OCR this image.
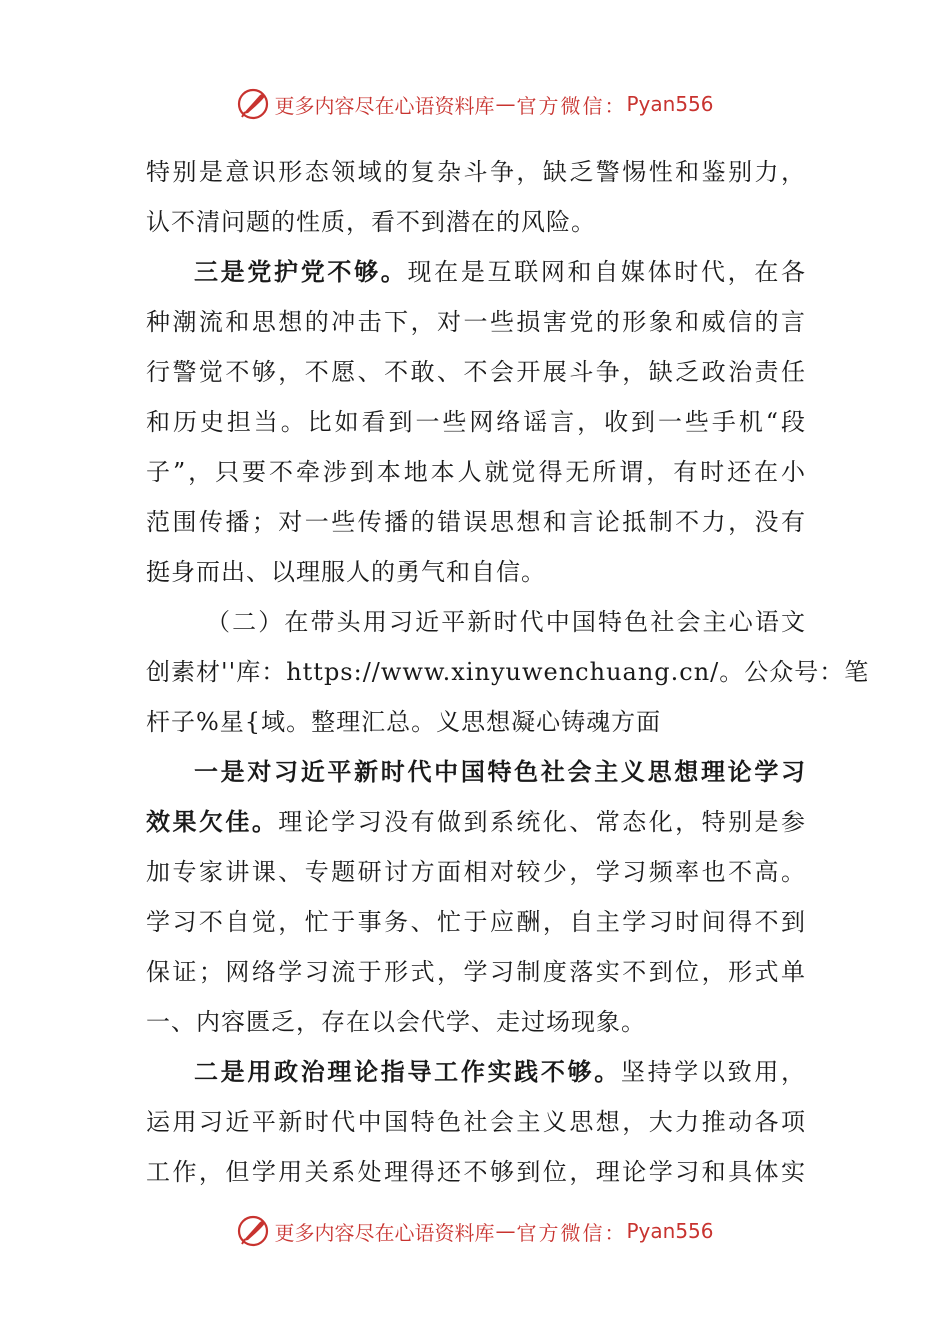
更多内容尽在心语资料库 — 官方微信： Pyan556
特别是意识形态领域的复杂斗争，缺乏警惕性和鉴别力，
认不清问题的性质，看不到潜在的风险。
三是党护党不够。现在是互联网和自媒体时代，在各
种潮流和思想的冲击下，对一些损害党的形象和威信的言
行警觉不够，不愿、不敢、不会开展斗争，缺乏政治责任
和历史担当。比如看到一些网络谣言，收到一些手机“段
子”，只要不牵涉到本地本人就觉得无所谓，有时还在小
范围传播；对一些传播的错误思想和言论抵制不力，没有
挺身而出、以理服人的勇气和自信。
（二）在带头用习近平新时代中国特色社会主心语文
创素材''库：https://www.xinyuwenchuang.cn/。公众号：笔
杆子%星{域。整理汇总。义思想凝心铸魂方面
一是对习近平新时代中国特色社会主义思想理论学习
效果欠佳。理论学习没有做到系统化、常态化，特别是参
加专家讲课、专题研讨方面相对较少，学习频率也不高。
学习不自觉，忙于事务、忙于应酬，自主学习时间得不到
保证；网络学习流于形式，学习制度落实不到位，形式单
一、内容匮乏，存在以会代学、走过场现象。
二是用政治理论指导工作实践不够。坚持学以致用，
运用习近平新时代中国特色社会主义思想，大力推动各项
工作，但学用关系处理得还不够到位，理论学习和具体实
更多内容尽在心语资料库 — 官方微信： Pyan556
